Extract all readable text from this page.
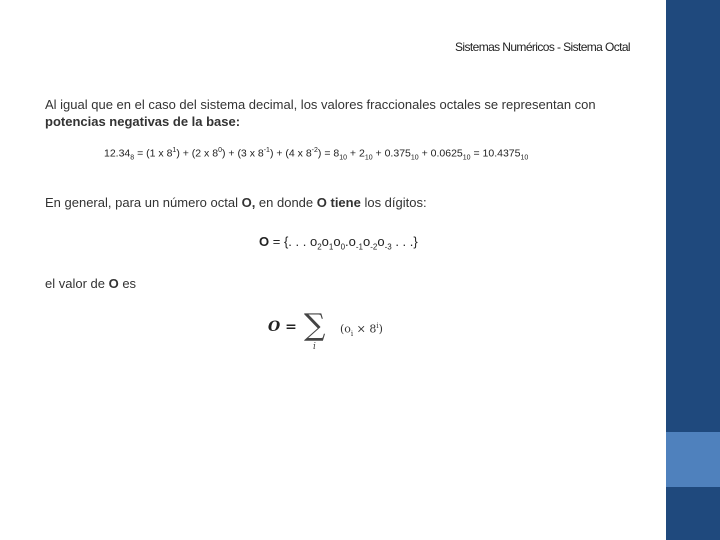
Sistemas Numéricos - Sistema Octal
Al igual que en el caso del sistema decimal, los valores fraccionales octales se representan con
potencias negativas de la base:
$12.34_8 = (1$ x $8^1) + (2$ x $8^0) + (3$ x $8^{-1}) + (4$ x $8^{-2}) = 8_{10} + 2_{10} + 0.375_{10} + 0.0625_{10} = 10.4375_{10}$
En general, para un número octal O, en donde O tiene los dígitos:
O = {. . . $o_2o_1o_0.o_{-1}o_{-2}o_{-3}$ . . .}
el valor de O es
O = ∑
i
$(o_i \times 8^i)$
